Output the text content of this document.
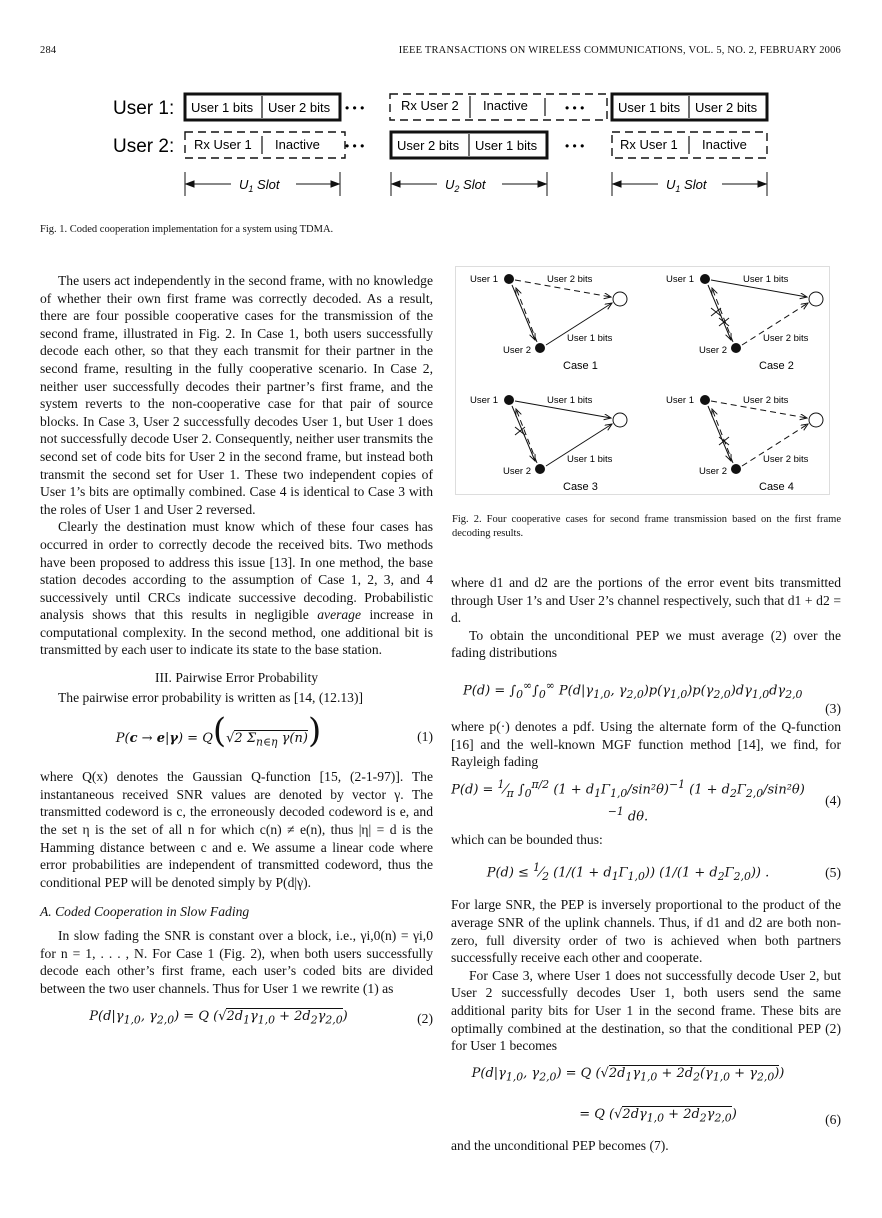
284	IEEE TRANSACTIONS ON WIRELESS COMMUNICATIONS, VOL. 5, NO. 2, FEBRUARY 2006
User 1:
User 2:
User 1 bits User 2 bits • • •	Rx User 2 Inactive	• • •	User 1 bits User 2 bits
Rx User 1 Inactive • • •	User 2 bits User 1 bits • • •	Rx User 1 Inactive
$U_1$ Slot	$U_2$ Slot	$U_1$ Slot
Fig. 1. Coded cooperation implementation for a system using TDMA.
User 1
User 2
User 2 bits
User 1 bits
Case 1
User 1
User 2
User 1 bits
User 2 bits
Case 2
User 1
User 2
User 1 bits
User 1 bits
Case 3
User 1
User 2
User 2 bits
User 2 bits
Case 4
Fig. 2. Four cooperative cases for second frame transmission based on the first frame decoding results.

The users act independently in the second frame, with no knowledge of whether their own first frame was correctly decoded. As a result, there are four possible cooperative cases for the transmission of the second frame, illustrated in Fig. 2. In Case 1, both users successfully decode each other, so that they each transmit for their partner in the second frame, resulting in the fully cooperative scenario. In Case 2, neither user successfully decodes their partner’s first frame, and the system reverts to the non-cooperative case for that pair of source blocks. In Case 3, User 2 successfully decodes User 1, but User 1 does not successfully decode User 2. Consequently, neither user transmits the second set of code bits for User 2 in the second frame, but instead both transmit the second set for User 1. These two independent copies of User 1’s bits are optimally combined. Case 4 is identical to Case 3 with the roles of User 1 and User 2 reversed.

Clearly the destination must know which of these four cases has occurred in order to correctly decode the received bits. Two methods have been proposed to address this issue [13]. In one method, the base station decodes according to the assumption of Case 1, 2, 3, and 4 successively until CRCs indicate successive decoding. Probabilistic analysis shows that this results in negligible average increase in computational complexity. In the second method, one additional bit is transmitted by each user to indicate its state to the base station.

III. Pairwise Error Probability

The pairwise error probability is written as [14, (12.13)]

P(c → e|γ) = Q(√2 $\Sigma_{n\in\eta}$ γ(n))	(1)

where Q(x) denotes the Gaussian Q-function [15, (2-1-97)]. The instantaneous received SNR values are denoted by vector γ. The transmitted codeword is c, the erroneously decoded codeword is e, and the set η is the set of all n for which c(n) ≠ e(n), thus |η| = d is the Hamming distance between c and e. We assume a linear code where error probabilities are independent of transmitted codeword, thus the conditional PEP will be denoted simply by P(d|γ).

A. Coded Cooperation in Slow Fading

In slow fading the SNR is constant over a block, i.e., γi,0(n) = γi,0 for n = 1, . . . , N. For Case 1 (Fig. 2), when both users successfully decode each other’s first frame, each user’s coded bits are divided between the two user channels. Thus for User 1 we rewrite (1) as

$P(d|\gamma_{1,0}$, $\gamma_{2,0}) = Q$ $(√2d_1\gamma_{1,0} + 2d_2\gamma_{2,0})$	(2)

where d1 and d2 are the portions of the error event bits transmitted through User 1’s and User 2’s channel respectively, such that d1 + d2 = d.

To obtain the unconditional PEP we must average (2) over the fading distributions

$P(d) = \int_0^\infty\int_0^\infty$ $P(d|\gamma_{1,0}$, $\gamma_{2,0})p(\gamma_{1,0})p(\gamma_{2,0})d\gamma_{1,0}d\gamma_{2,0}$
(3)

where p(·) denotes a pdf. Using the alternate form of the Q-function [16] and the well-known MGF function method [14], we find, for Rayleigh fading

$P(d) = ^1⁄_\pi$ $\int_0^{\pi/2}$ $(1 + d_1\Gamma_{1,0}/\sin^2\theta)^{-1}$ $(1 + d_2\Gamma_{2,0}/\sin^2\theta)^{-1}$ dθ.
(4)

which can be bounded thus:

$P(d) \le ^1⁄_2$ $(1/(1 + d_1\Gamma_{1,0}))$ $(1/(1 + d_2\Gamma_{2,0}))$ .	(5)

For large SNR, the PEP is inversely proportional to the product of the average SNR of the uplink channels. Thus, if d1 and d2 are both non-zero, full diversity order of two is achieved when both partners successfully receive each other and cooperate.

For Case 3, where User 1 does not successfully decode User 2, but User 2 successfully decodes User 1, both users send the same additional parity bits for User 1 in the second frame. These bits are optimally combined at the destination, so that the conditional PEP (2) for User 1 becomes

$P(d|\gamma_{1,0}$, $\gamma_{2,0}) = Q$ $(√2d_1\gamma_{1,0} + 2d_2(\gamma_{1,0} + \gamma_{2,0}))$
= Q $(√2d\gamma_{1,0} + 2d_2\gamma_{2,0})$	(6)

and the unconditional PEP becomes (7).
